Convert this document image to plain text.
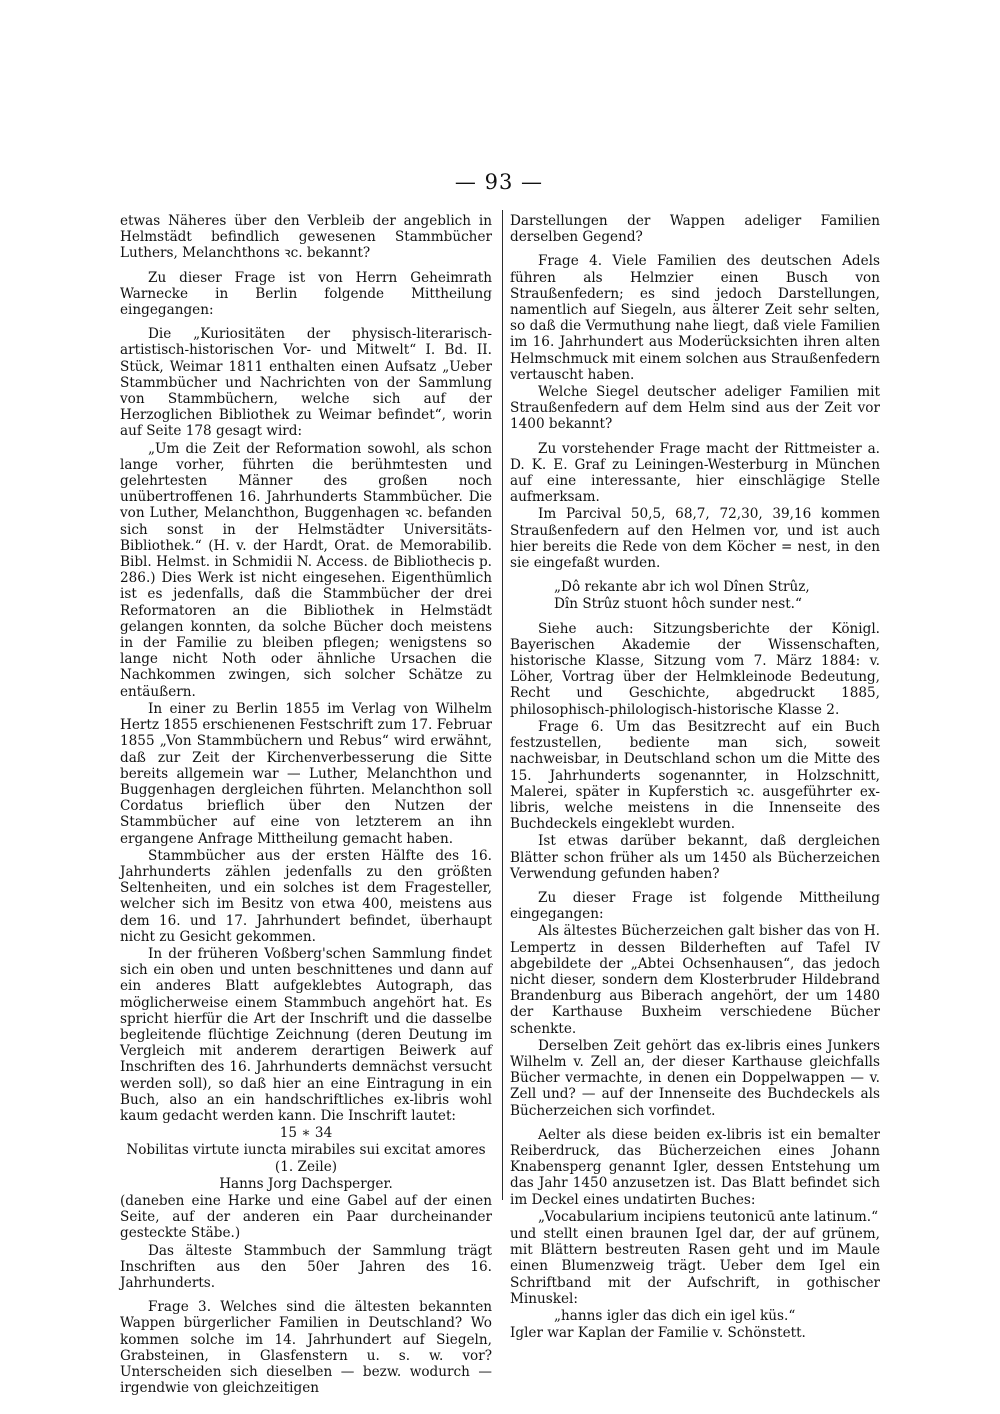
— 93 —

etwas Näheres über den Verbleib der angeblich in Helmstädt befindlich gewesenen Stammbücher Luthers, Melanchthons ꝛc. bekannt?

Zu dieser Frage ist von Herrn Geheimrath Warnecke in Berlin folgende Mittheilung eingegangen:

Die „Kuriositäten der physisch-literarisch-artistisch-historischen Vor- und Mitwelt“ I. Bd. II. Stück, Weimar 1811 enthalten einen Aufsatz „Ueber Stammbücher und Nachrichten von der Sammlung von Stammbüchern, welche sich auf der Herzoglichen Bibliothek zu Weimar befindet“, worin auf Seite 178 gesagt wird:

„Um die Zeit der Reformation sowohl, als schon lange vorher, führten die berühmtesten und gelehrtesten Männer des großen noch unübertroffenen 16. Jahrhunderts Stammbücher. Die von Luther, Melanchthon, Buggenhagen ꝛc. befanden sich sonst in der Helmstädter Universitäts-Bibliothek.“ (H. v. der Hardt, Orat. de Memorabilib. Bibl. Helmst. in Schmidii N. Access. de Bibliothecis p. 286.) Dies Werk ist nicht eingesehen. Eigenthümlich ist es jedenfalls, daß die Stammbücher der drei Reformatoren an die Bibliothek in Helmstädt gelangen konnten, da solche Bücher doch meistens in der Familie zu bleiben pflegen; wenigstens so lange nicht Noth oder ähnliche Ursachen die Nachkommen zwingen, sich solcher Schätze zu entäußern.

In einer zu Berlin 1855 im Verlag von Wilhelm Hertz 1855 erschienenen Festschrift zum 17. Februar 1855 „Von Stammbüchern und Rebus“ wird erwähnt, daß zur Zeit der Kirchenverbesserung die Sitte bereits allgemein war — Luther, Melanchthon und Buggenhagen dergleichen führten. Melanchthon soll Cordatus brieflich über den Nutzen der Stammbücher auf eine von letzterem an ihn ergangene Anfrage Mittheilung gemacht haben.

Stammbücher aus der ersten Hälfte des 16. Jahrhunderts zählen jedenfalls zu den größten Seltenheiten, und ein solches ist dem Fragesteller, welcher sich im Besitz von etwa 400, meistens aus dem 16. und 17. Jahrhundert befindet, überhaupt nicht zu Gesicht gekommen.

In der früheren Voßberg'schen Sammlung findet sich ein oben und unten beschnittenes und dann auf ein anderes Blatt aufgeklebtes Autograph, das möglicherweise einem Stammbuch angehört hat. Es spricht hierfür die Art der Inschrift und die dasselbe begleitende flüchtige Zeichnung (deren Deutung im Vergleich mit anderem derartigen Beiwerk auf Inschriften des 16. Jahrhunderts demnächst versucht werden soll), so daß hier an eine Eintragung in ein Buch, also an ein handschriftliches ex-libris wohl kaum gedacht werden kann. Die Inschrift lautet:

15 ∗ 34

Nobilitas virtute iuncta mirabiles sui excitat amores (1. Zeile)

Hanns Jorg Dachsperger.

(daneben eine Harke und eine Gabel auf der einen Seite, auf der anderen ein Paar durcheinander gesteckte Stäbe.)

Das älteste Stammbuch der Sammlung trägt Inschriften aus den 50er Jahren des 16. Jahrhunderts.

Frage 3. Welches sind die ältesten bekannten Wappen bürgerlicher Familien in Deutschland? Wo kommen solche im 14. Jahrhundert auf Siegeln, Grabsteinen, in Glasfenstern u. s. w. vor? Unterscheiden sich dieselben — bezw. wodurch — irgendwie von gleichzeitigen

Darstellungen der Wappen adeliger Familien derselben Gegend?

Frage 4. Viele Familien des deutschen Adels führen als Helmzier einen Busch von Straußenfedern; es sind jedoch Darstellungen, namentlich auf Siegeln, aus älterer Zeit sehr selten, so daß die Vermuthung nahe liegt, daß viele Familien im 16. Jahrhundert aus Moderücksichten ihren alten Helmschmuck mit einem solchen aus Straußenfedern vertauscht haben.

Welche Siegel deutscher adeliger Familien mit Straußenfedern auf dem Helm sind aus der Zeit vor 1400 bekannt?

Zu vorstehender Frage macht der Rittmeister a. D. K. E. Graf zu Leiningen-Westerburg in München auf eine interessante, hier einschlägige Stelle aufmerksam.

Im Parcival 50,5, 68,7, 72,30, 39,16 kommen Straußenfedern auf den Helmen vor, und ist auch hier bereits die Rede von dem Köcher = nest, in den sie eingefaßt wurden.

„Dô rekante abr ich wol Dînen Strûz,

Dîn Strûz stuont hôch sunder nest.“

Siehe auch: Sitzungsberichte der Königl. Bayerischen Akademie der Wissenschaften, historische Klasse, Sitzung vom 7. März 1884: v. Löher, Vortrag über der Helmkleinode Bedeutung, Recht und Geschichte, abgedruckt 1885, philosophisch-philologisch-historische Klasse 2.

Frage 6. Um das Besitzrecht auf ein Buch festzustellen, bediente man sich, soweit nachweisbar, in Deutschland schon um die Mitte des 15. Jahrhunderts sogenannter, in Holzschnitt, Malerei, später in Kupferstich ꝛc. ausgeführter ex-libris, welche meistens in die Innenseite des Buchdeckels eingeklebt wurden.

Ist etwas darüber bekannt, daß dergleichen Blätter schon früher als um 1450 als Bücherzeichen Verwendung gefunden haben?

Zu dieser Frage ist folgende Mittheilung eingegangen:

Als ältestes Bücherzeichen galt bisher das von H. Lempertz in dessen Bilderheften auf Tafel IV abgebildete der „Abtei Ochsenhausen“, das jedoch nicht dieser, sondern dem Klosterbruder Hildebrand Brandenburg aus Biberach angehört, der um 1480 der Karthause Buxheim verschiedene Bücher schenkte.

Derselben Zeit gehört das ex-libris eines Junkers Wilhelm v. Zell an, der dieser Karthause gleichfalls Bücher vermachte, in denen ein Doppelwappen — v. Zell und? — auf der Innenseite des Buchdeckels als Bücherzeichen sich vorfindet.

Aelter als diese beiden ex-libris ist ein bemalter Reiberdruck, das Bücherzeichen eines Johann Knabensperg genannt Igler, dessen Entstehung um das Jahr 1450 anzusetzen ist. Das Blatt befindet sich im Deckel eines undatirten Buches:

„Vocabularium incipiens teutonicū ante latinum.“

und stellt einen braunen Igel dar, der auf grünem, mit Blättern bestreuten Rasen geht und im Maule einen Blumenzweig trägt. Ueber dem Igel ein Schriftband mit der Aufschrift, in gothischer Minuskel:

„hanns igler das dich ein igel küs.“

Igler war Kaplan der Familie v. Schönstett.
